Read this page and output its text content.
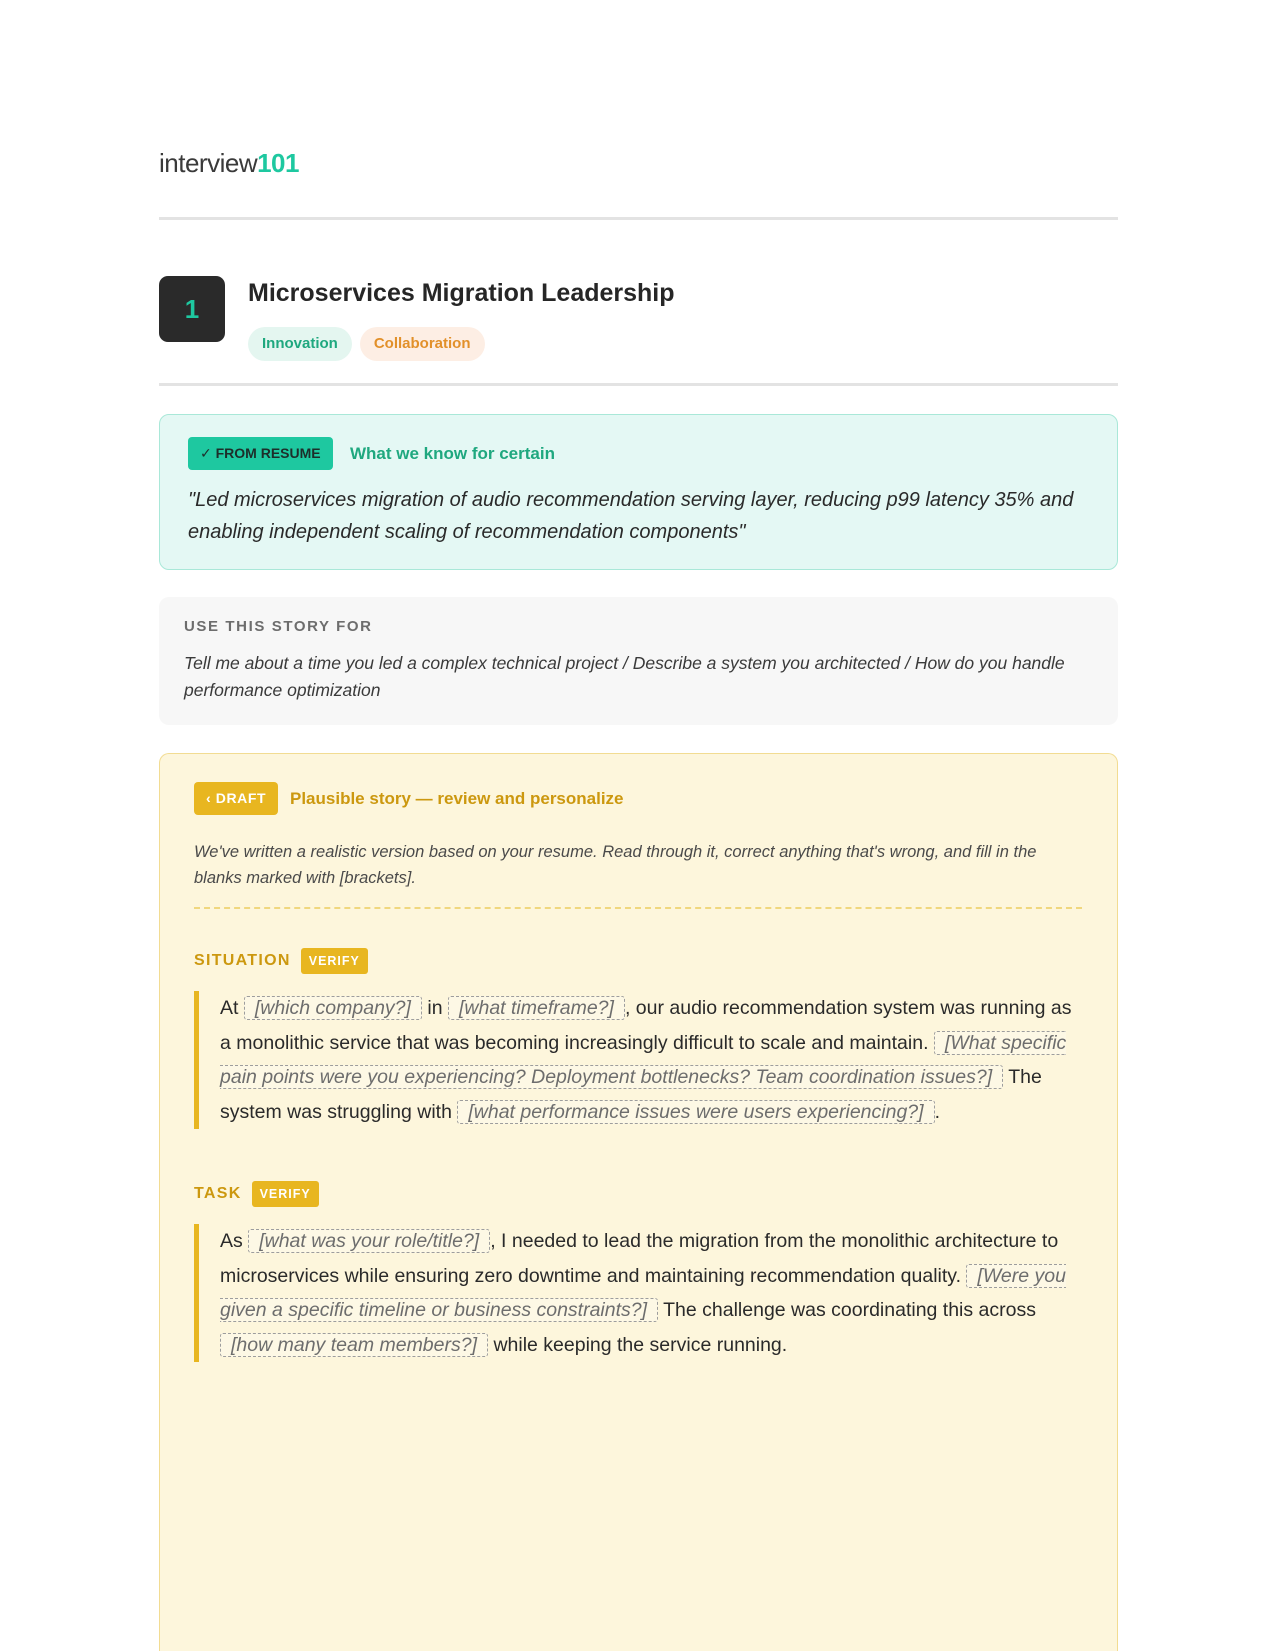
interview101
1
Microservices Migration Leadership
Innovation	Collaboration
✓ FROM RESUME	What we know for certain
"Led microservices migration of audio recommendation serving layer, reducing p99 latency 35% and enabling independent scaling of recommendation components"
USE THIS STORY FOR
Tell me about a time you led a complex technical project / Describe a system you architected / How do you handle performance optimization
‹ DRAFT	Plausible story — review and personalize
We've written a realistic version based on your resume. Read through it, correct anything that's wrong, and fill in the blanks marked with [brackets].
SITUATION	VERIFY
At [which company?] in [what timeframe?] , our audio recommendation system was running as a monolithic service that was becoming increasingly difficult to scale and maintain. [What specific pain points were you experiencing? Deployment bottlenecks? Team coordination issues?] The system was struggling with [what performance issues were users experiencing?] .
TASK	VERIFY
As [what was your role/title?] , I needed to lead the migration from the monolithic architecture to microservices while ensuring zero downtime and maintaining recommendation quality. [Were you given a specific timeline or business constraints?] The challenge was coordinating this across [how many team members?] while keeping the service running.
